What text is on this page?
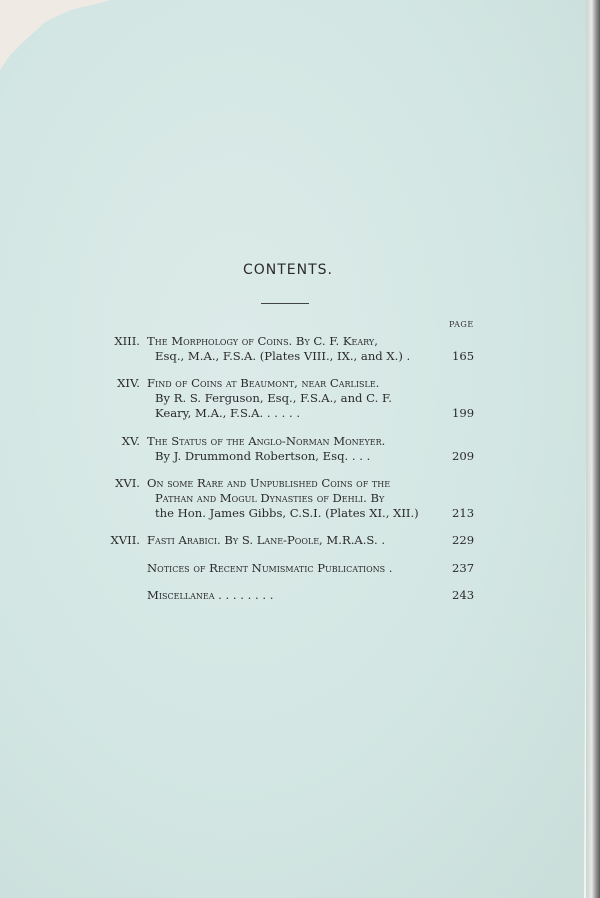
CONTENTS.
PAGE
XIII. The Morphology of Coins. By C. F. Keary,
Esq., M.A., F.S.A. (Plates VIII., IX., and X.) .	165
XIV. Find of Coins at Beaumont, near Carlisle.
By R. S. Ferguson, Esq., F.S.A., and C. F.
Keary, M.A., F.S.A. . . . . .	199
XV. The Status of the Anglo-Norman Moneyer.
By J. Drummond Robertson, Esq. . . .	209
XVI. On some Rare and Unpublished Coins of the
Pathan and Mogul Dynasties of Dehli. By
the Hon. James Gibbs, C.S.I. (Plates XI., XII.)	213
XVII. Fasti Arabici. By S. Lane-Poole, M.R.A.S. .	229
Notices of Recent Numismatic Publications .	237
Miscellanea . . . . . . . .	243
